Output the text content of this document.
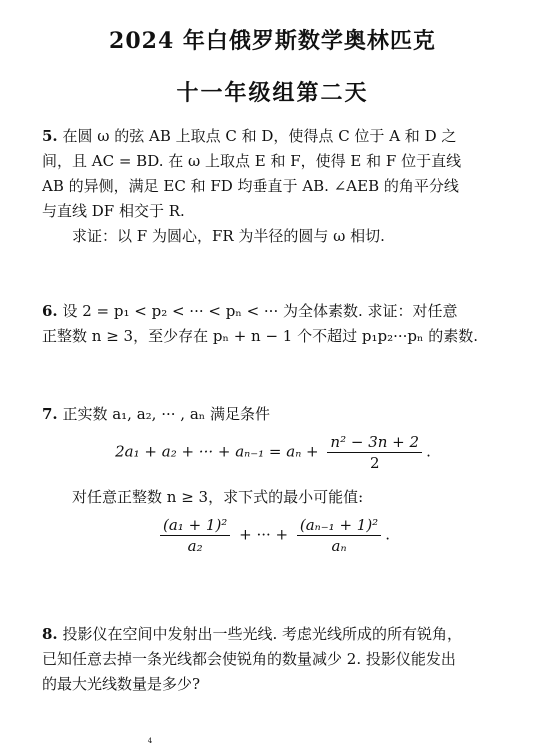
2024 年白俄罗斯数学奥林匹克
十一年级组第二天
5. 在圆 ω 的弦 AB 上取点 C 和 D，使得点 C 位于 A 和 D 之
间，且 AC = BD. 在 ω 上取点 E 和 F，使得 E 和 F 位于直线
AB 的异侧，满足 EC 和 FD 均垂直于 AB. ∠AEB 的角平分线
与直线 DF 相交于 R.
求证：以 F 为圆心，FR 为半径的圆与 ω 相切.
6. 设 2 = p₁ < p₂ < ··· < pₙ < ··· 为全体素数. 求证：对任意
正整数 n ≥ 3，至少存在 pₙ + n − 1 个不超过 p₁p₂···pₙ 的素数.
7. 正实数 a₁, a₂, ··· , aₙ 满足条件
2a₁ + a₂ + ··· + $a_{n-1} = a_n + \frac{\text{n² − 3n + 2}}{2}$ .
对任意正整数 n ≥ 3，求下式的最小可能值:
$\frac{\text{(a₁ + 1)²}}{\text{a₂}}$ + ··· + $\frac{\text{(aₙ₋₁ + 1)²}}{\text{aₙ}}$ .
8. 投影仪在空间中发射出一些光线. 考虑光线所成的所有锐角，
已知任意去掉一条光线都会使锐角的数量减少 2. 投影仪能发出
的最大光线数量是多少?
4
